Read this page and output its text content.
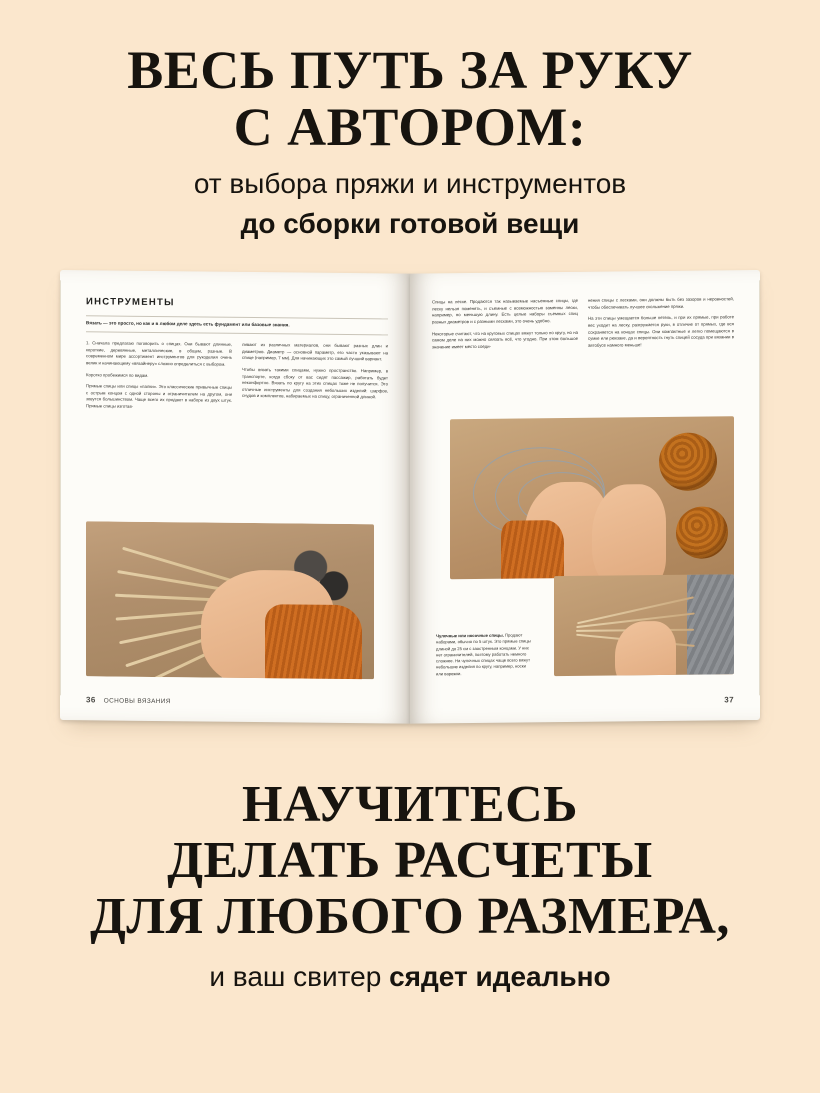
ВЕСЬ ПУТЬ ЗА РУКУ
С АВТОРОМ:
от выбора пряжи и инструментов
до сборки готовой вещи
ИНСТРУМЕНТЫ
Вязать — это просто, но как и в любом деле здесь есть фундамент или базовые знания.

1. Сначала предлагаю поговорить о спицах. Они бывают длинные, короткие, деревянные, металлические, в общем, разные. В современном мире ассортимент инструментов для рукоделия очень велик и начинающему «вязайнеру» сложно определиться с выбором.

Коротко пробежимся по видам.

Прямые спицы или спицы «палки». Это классические привычные спицы с острым концом с одной стороны и ограничителем на другом, они зовутся большинством. Чаще всего их продают в наборе из двух штук. Прямые спицы изготав-

ливают из различных материалов, они бывают разных длин и диаметров. Диаметр — основной параметр, его часто указывают на спице (например, 7 мм). Для начинающих это самый лучший вариант.

Чтобы вязать такими спицами, нужно пространство. Например, в транспорте, когда сбоку от вас сидят пассажир, работать будет неконфортно. Вязать по кругу на этих спицах тоже не получится. Это отличные инструменты для создания небольших изделий: шарфов, снудов и комплектов, набираемых на спицу, ограниченной длиной.

36 ОСНОВЫ ВЯЗАНИЯ

Спицы на леске. Продаются так называемые насъемные спицы, где леску нельзя поменять, и съемные с возможностью заменны лески, например, но меньшую длину. Есть целые наборы съемных спиц разных диаметров и с разными лесками, это очень удобно.

Некоторые считают, что на круговых спицах вяжут только по кругу, но на самом деле на них можно связать всё, что угодно. При этом большое значение имеет место соеди-

нения спицы с лесками, они должны быть без зазоров и неровностей, чтобы обеспечивать лучшее скольжение пряжи.

На эти спицы умещается больше петель, и при их прямые, при работе вес уходит на леску, разгружается руки, в отличие от прямых, где вся сохраняется на концах спицы. Они компактные и легко помещаются в сумке или рюкзаке, да и вероятность гнуть спицей сосуда при вязании в автобусе намного меньше!

Чулочные или носочные спицы. Продают наборами, обычно по 5 штук. Это прямые спицы длиной до 25 см с заостренным концами. У них нет ограничителей, поэтому работать немного сложнее. На чулочных спицах чаще всего вяжут небольшие изделия по кругу, например, носки или варежки.
37
НАУЧИТЕСЬ
ДЕЛАТЬ РАСЧЕТЫ
ДЛЯ ЛЮБОГО РАЗМЕРА,
и ваш свитер сядет идеально
